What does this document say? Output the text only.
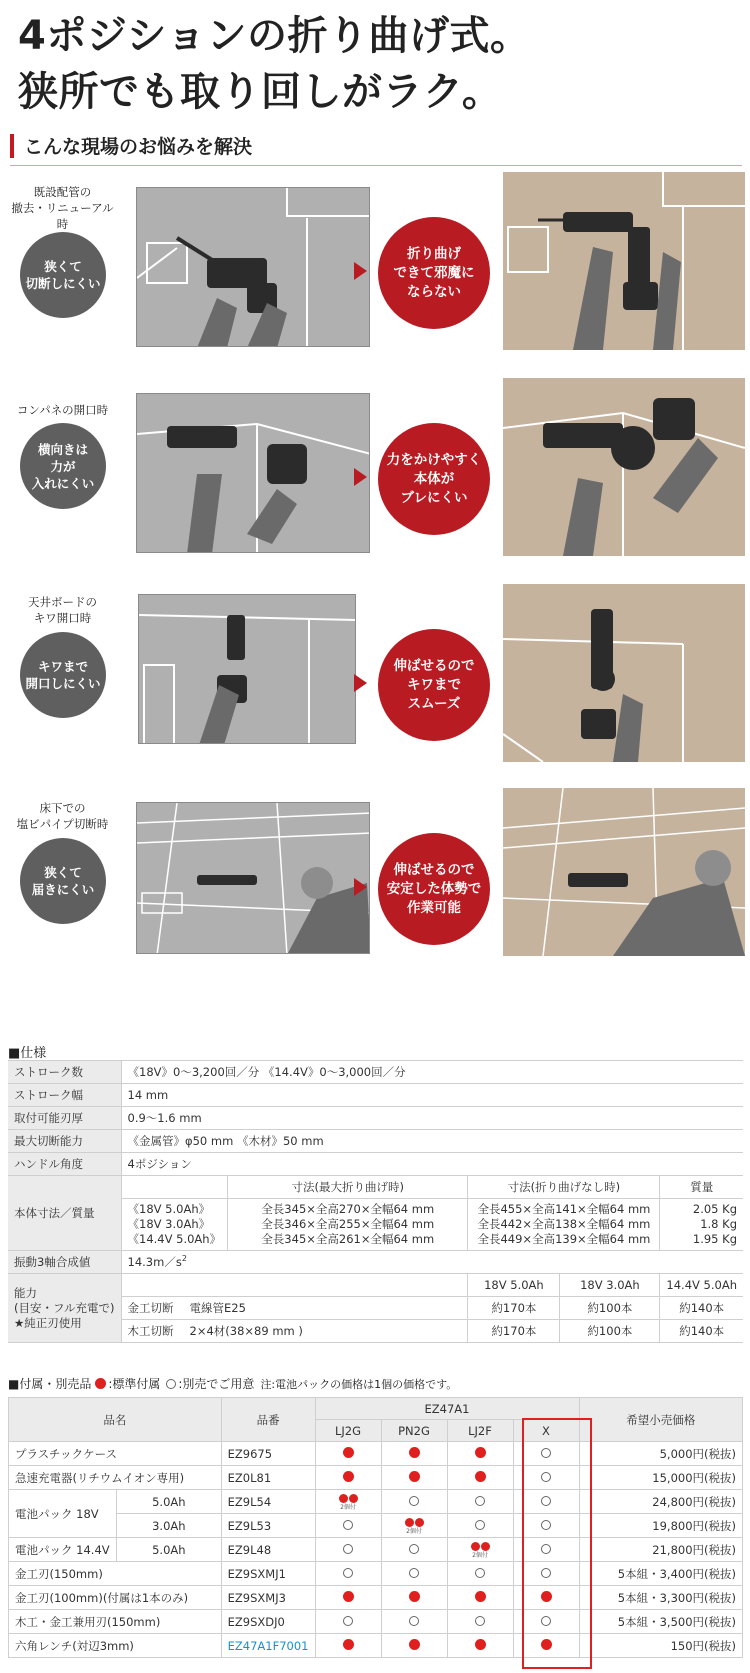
4ポジションの折り曲げ式。
狭所でも取り回しがラク。
こんな現場のお悩みを解決
既設配管の
撤去・リニューアル時
狭くて
切断しにくい
折り曲げ
できて邪魔に
ならない
コンパネの開口時
横向きは
力が
入れにくい
力をかけやすく
本体が
ブレにくい
天井ボードの
キワ開口時
キワまで
開口しにくい
伸ばせるので
キワまで
スムーズ
床下での
塩ビパイプ切断時
狭くて
届きにくい
伸ばせるので
安定した体勢で
作業可能
■仕様
ストローク数	《18V》0～3,200回／分 《14.4V》0～3,000回／分				
ストローク幅	14 mm				
取付可能刃厚	0.9～1.6 mm				
最大切断能力	《金属管》φ50 mm 《木材》50 mm				
ハンドル角度	4ポジション				
本体寸法／質量		寸法(最大折り曲げ時)	寸法(折り曲げなし時)		質量

	《18V 5.0Ah》
《18V 3.0Ah》
《14.4V 5.0Ah》	全長345×全高270×全幅64 mm
全長346×全高255×全幅64 mm
全長345×全高261×全幅64 mm	全長455×全高141×全幅64 mm
全長442×全高138×全幅64 mm
全長449×全高139×全幅64 mm		2.05 Kg
1.8 Kg
1.95 Kg

振動3軸合成値	$14.3m/s^2$

能力
(目安・フル充電で)
★純正刃使用			18V 5.0Ah	18V 3.0Ah	14.4V 5.0Ah
	金工切断 電線管E25		約170本	約100本	約140本
	木工切断 2×4材(38×89 mm )		約170本	約100本	約140本
■付属・別売品 :標準付属 :別売でご用意 注:電池パックの価格は1個の価格です。
品名		品番	EZ47A1				希望小売価格
			LJ2G	PN2G	LJ2F	X	
プラスチックケース		EZ9675					5,000円(税抜)
急速充電器(リチウムイオン専用)		EZ0L81					15,000円(税抜)
電池パック 18V	5.0Ah	EZ9L54	2個付				24,800円(税抜)
	3.0Ah	EZ9L53		2個付			19,800円(税抜)
電池パック 14.4V	5.0Ah	EZ9L48			2個付		21,800円(税抜)
金工刃(150mm)		EZ9SXMJ1					5本組・3,400円(税抜)
金工刃(100mm)(付属は1本のみ)		EZ9SXMJ3					5本組・3,300円(税抜)
木工・金工兼用刃(150mm)		EZ9SXDJ0					5本組・3,500円(税抜)
六角レンチ(対辺3mm)		EZ47A1F7001					150円(税抜)
